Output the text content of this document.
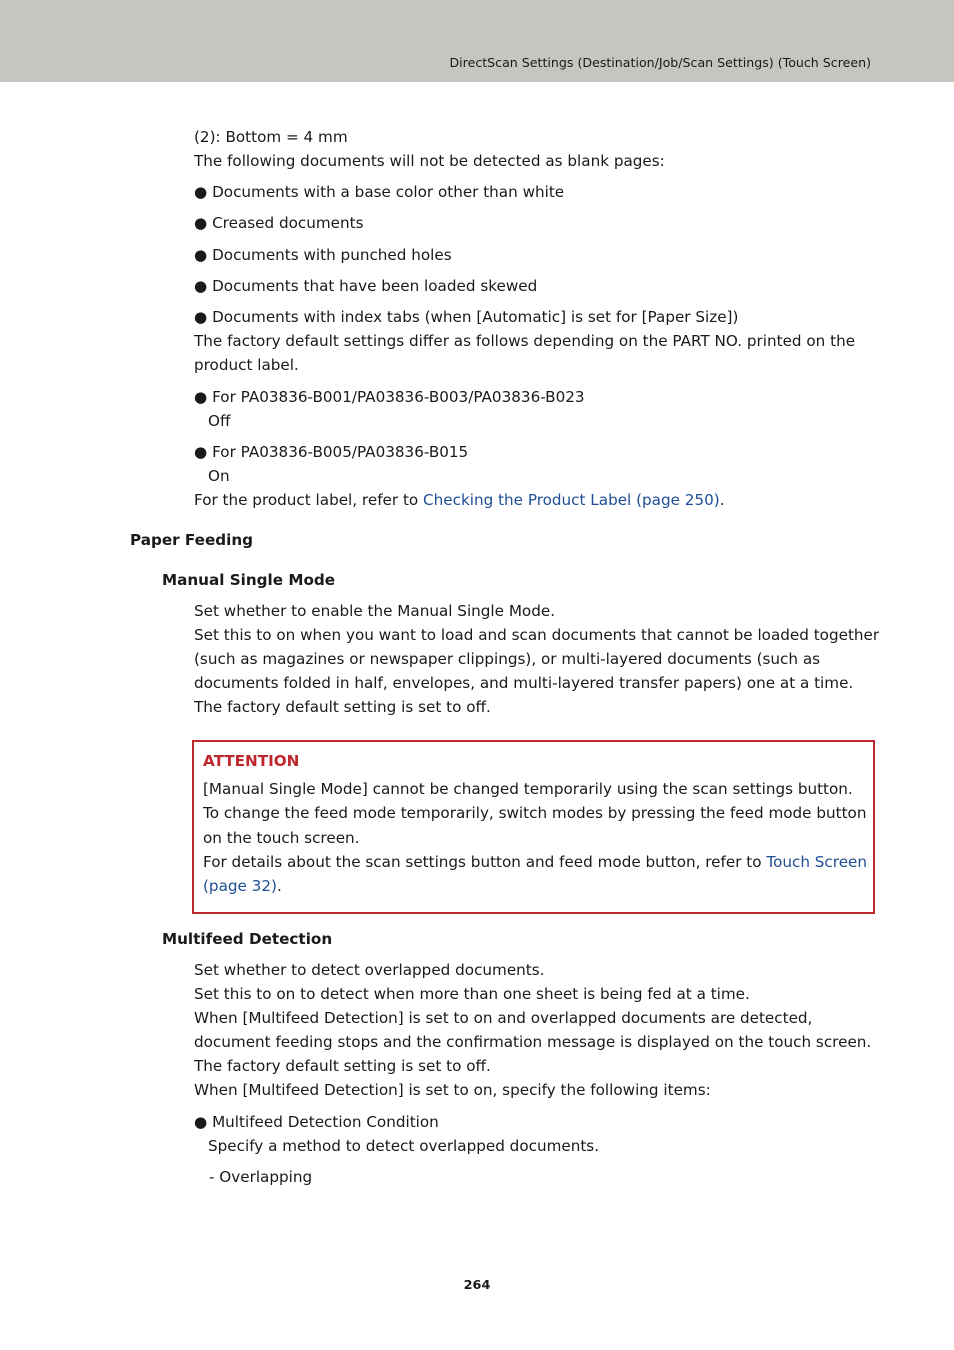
DirectScan Settings (Destination/Job/Scan Settings) (Touch Screen)
(2): Bottom = 4 mm
The following documents will not be detected as blank pages:
● Documents with a base color other than white
● Creased documents
● Documents with punched holes
● Documents that have been loaded skewed
● Documents with index tabs (when [Automatic] is set for [Paper Size])
The factory default settings differ as follows depending on the PART NO. printed on the
product label.
● For PA03836-B001/PA03836-B003/PA03836-B023
Off
● For PA03836-B005/PA03836-B015
On
For the product label, refer to Checking the Product Label (page 250).
Paper Feeding
Manual Single Mode
Set whether to enable the Manual Single Mode.
Set this to on when you want to load and scan documents that cannot be loaded together
(such as magazines or newspaper clippings), or multi-layered documents (such as
documents folded in half, envelopes, and multi-layered transfer papers) one at a time.
The factory default setting is set to off.
ATTENTION
[Manual Single Mode] cannot be changed temporarily using the scan settings button.
To change the feed mode temporarily, switch modes by pressing the feed mode button
on the touch screen.
For details about the scan settings button and feed mode button, refer to Touch Screen
(page 32).
Multifeed Detection
Set whether to detect overlapped documents.
Set this to on to detect when more than one sheet is being fed at a time.
When [Multifeed Detection] is set to on and overlapped documents are detected,
document feeding stops and the confirmation message is displayed on the touch screen.
The factory default setting is set to off.
When [Multifeed Detection] is set to on, specify the following items:
● Multifeed Detection Condition
Specify a method to detect overlapped documents.
- Overlapping
264
